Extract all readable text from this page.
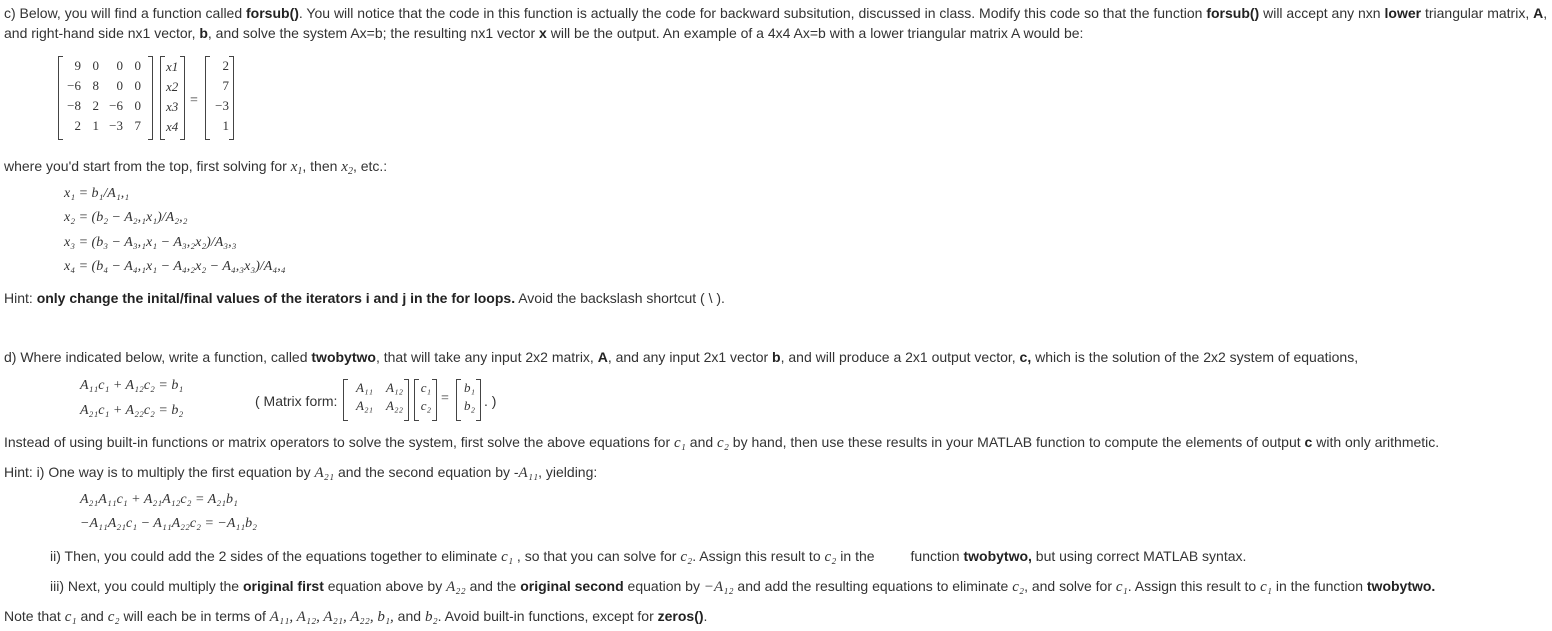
c) Below, you will find a function called forsub(). You will notice that the code in this function is actually the code for backward subsitution, discussed in class. Modify this code so that the function forsub() will accept any nxn lower triangular matrix, A,
and right-hand side nx1 vector, b, and solve the system Ax=b; the resulting nx1 vector x will be the output. An example of a 4x4 Ax=b with a lower triangular matrix A would be:
9 0	0 0
−6 8	0 0
−8 2 −6 0
2 1 −3 7
x1
x2
x3
x4
=
2
7
−3
1
where you'd start from the top, first solving for $x_1$, then $x_2$, etc.:
x₁ = b₁/A₁,₁
x₂ = (b₂ − A₂,₁x₁)/A₂,₂
x₃ = (b₃ − A₃,₁x₁ − A₃,₂x₂)/A₃,₃
x₄ = (b₄ − A₄,₁x₁ − A₄,₂x₂ − A₄,₃x₃)/A₄,₄
Hint: only change the inital/final values of the iterators i and j in the for loops. Avoid the backslash shortcut ( \ ).
d) Where indicated below, write a function, called twobytwo, that will take any input 2x2 matrix, A, and any input 2x1 vector b, and will produce a 2x1 output vector, c, which is the solution of the 2x2 system of equations,
A₁₁c₁ + A₁₂c₂ = b₁
A₂₁c₁ + A₂₂c₂ = b₂
( Matrix form:
A₁₁	A₁₂
A₂₁	A₂₂
c₁
c₂ =
b₁
b₂ . )
Instead of using built-in functions or matrix operators to solve the system, first solve the above equations for c₁ and c₂ by hand, then use these results in your MATLAB function to compute the elements of output c with only arithmetic.
Hint: i) One way is to multiply the first equation by A₂₁ and the second equation by -A₁₁, yielding:
A₂₁A₁₁c₁ + A₂₁A₁₂c₂ = A₂₁b₁
−A₁₁A₂₁c₁ − A₁₁A₂₂c₂ = −A₁₁b₂
ii) Then, you could add the 2 sides of the equations together to eliminate c₁ , so that you can solve for c₂. Assign this result to c₂ in the	function twobytwo, but using correct MATLAB syntax.
iii) Next, you could multiply the original first equation above by A₂₂ and the original second equation by −A₁₂ and add the resulting equations to eliminate c₂, and solve for c₁. Assign this result to c₁ in the function twobytwo.
Note that c₁ and c₂ will each be in terms of A₁₁, A₁₂, A₂₁, A₂₂, b₁, and b₂. Avoid built-in functions, except for zeros().
